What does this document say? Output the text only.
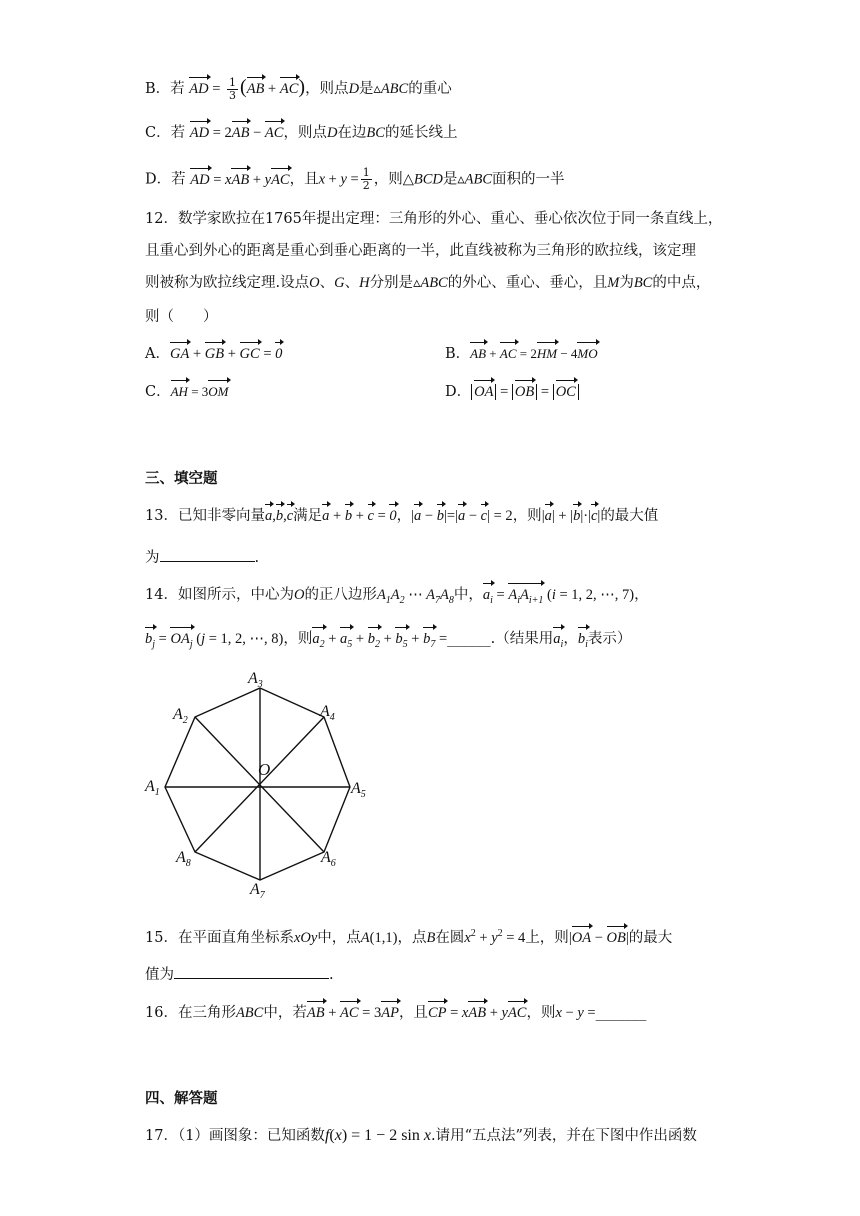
B．若 AD = $\frac{1}{3} (AB + AC)$，则点D是▵ABC的重心
C．若 AD = 2AB − AC，则点D在边BC的延长线上
D．若 AD = xAB + yAC，且$x + y = \frac{1}{2}$ ，则△BCD是▵ABC面积的一半
12．数学家欧拉在1765年提出定理：三角形的外心、重心、垂心依次位于同一条直线上，
且重心到外心的距离是重心到垂心距离的一半，此直线被称为三角形的欧拉线，该定理
则被称为欧拉线定理.设点O、G、H分别是▵ABC的外心、重心、垂心，且M为BC的中点，
则（　　）
A．GA + GB + GC = 0	B．AB + AC = 2HM − 4MO
C．AH = 3OM	D． OA = OB = OC
三、填空题
13．已知非零向量a,b,c满足a + b + c = 0，|a − b|=|a − c| = 2，则|a| + |b|·|c|的最大值
为	.
14．如图所示，中心为O的正八边形$A_1A_2$ ⋯ $A_7A_8$中，$a_i = A_iA_{i+1}$ (i = 1, 2, ⋯, 7)，
$b_j = OA_j$ (j = 1, 2, ⋯, 8)，则$a_2 + a_5 + b_2 + b_5 + b_7$ =______.（结果用$a_i$，$b_i$表示）
$A_3$
$A_2$
$A_4$
$A_1$	$A_5$
$A_8$	$A_6$
$A_7$
O
15．在平面直角坐标系xOy中，点A(1,1)，点B在圆$x^2 + y^2 = 4$上，则|OA − OB|的最大
值为	.
16．在三角形ABC中，若AB + AC = 3AP，且CP = xAB + yAC，则x − y =_______
四、解答题
17．（1）画图象：已知函数f(x) = 1 − 2 sin x.请用“五点法”列表，并在下图中作出函数
